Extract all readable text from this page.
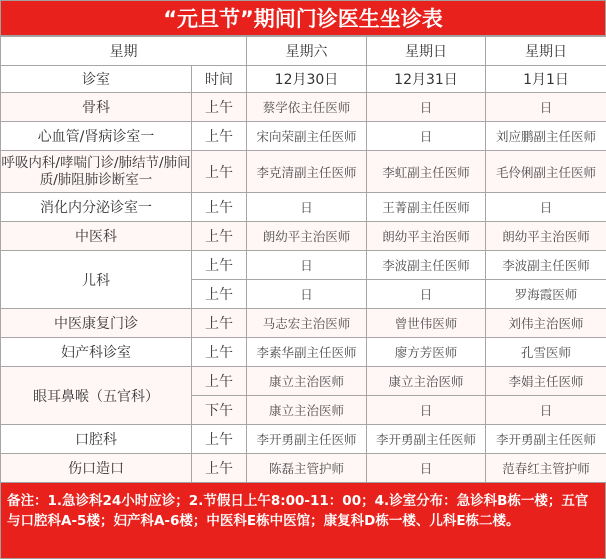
“元旦节”期间门诊医生坐诊表
星期		星期六	星期日	星期日
诊室	时间	12月30日	12月31日	1月1日
骨科	上午	蔡学依主任医师	日	日
心血管/肾病诊室一	上午	宋向荣副主任医师	日	刘应鹏副主任医师
呼吸内科/哮喘门诊/肺结节/肺间质/肺阻肺诊断室一	上午	李克清副主任医师	李虹副主任医师	毛伶俐副主任医师
消化内分泌诊室一	上午	日	王菁副主任医师	日
中医科	上午	朗幼平主治医师	朗幼平主治医师	朗幼平主治医师
儿科	上午	日	李波副主任医师	李波副主任医师
	上午	日	日	罗海霞医师
中医康复门诊	上午	马志宏主治医师	曾世伟医师	刘伟主治医师
妇产科诊室	上午	李素华副主任医师	廖方芳医师	孔雪医师
眼耳鼻喉（五官科）	上午	康立主治医师	康立主治医师	李娟主任医师
	下午	康立主治医师	日	日
口腔科	上午	李开勇副主任医师	李开勇副主任医师	李开勇副主任医师
伤口造口	上午	陈磊主管护师	日	范春红主管护师
备注：1.急诊科24小时应诊；2.节假日上午8:00-11：00；4.诊室分布：急诊科B栋一楼；五官与口腔科A-5楼；妇产科A-6楼；中医科E栋中医馆；康复科D栋一楼、儿科E栋二楼。
